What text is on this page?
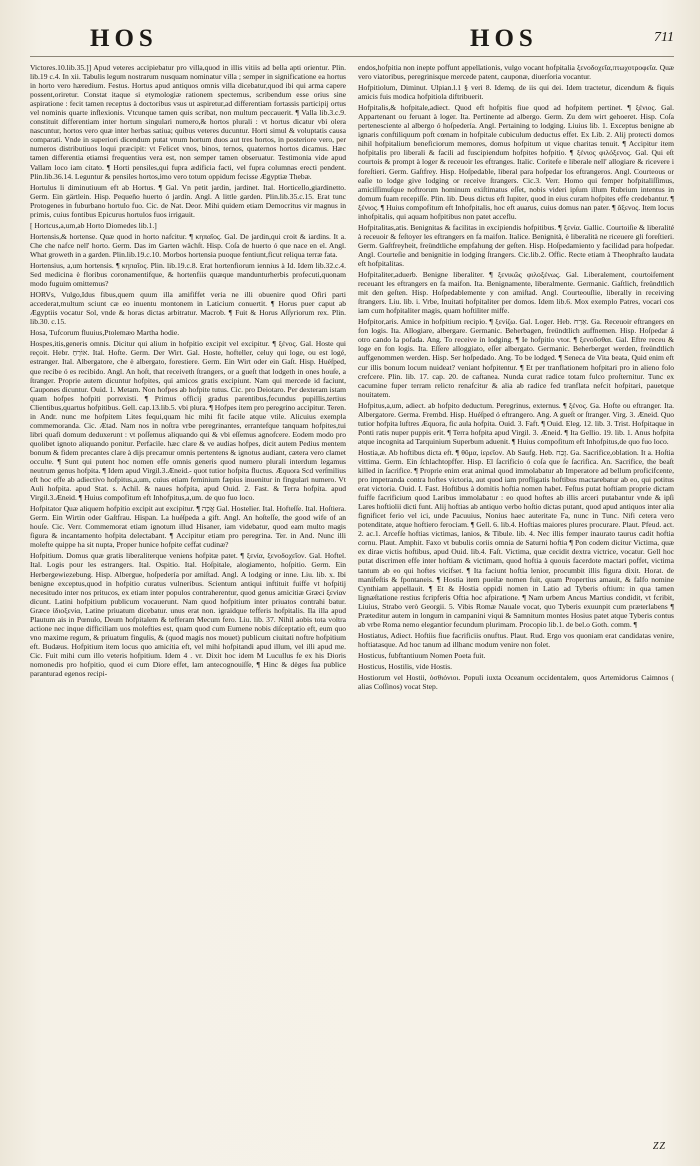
HOS	HOS	711

Victores.10.lib.35.]] Apud veteres accipiebatur pro villa,quod in illis vitiis ad bella apti orientur. Plin. lib.19 c.4. In xii. Tabulis legum nostrarum nusquam nominatur villa ; semper in significatione ea hortus in horto vero hæredium. Festus. Hortus apud antiquos omnis villa dicebatur,quod ibi qui arma capere possent,oriretur. Constat itaque si etymologiæ rationem spectemus, scribendum esse orius sine aspiratione : fecit tamen receptus à doctoribus vsus ut aspiretur,ad differentiam fortassis participij ortus vel nominis quarte inflexionis. Vtcunque tamen quis scribat, non multum peccauerit. ¶ Valla lib.3.c.9. constituit differentiam inter hortum singulari numero,& hortos plurali : vt hortus dicatur vbi olera nascuntur, hortos vero quæ inter herbas satiua; quibus veteres ducuntur. Horti simul & voluptatis causa comparati. Vnde in superiori dicendum putat vnum hortum duos aut tres hortos, in posteriore vero, per numeros distributiuos loqui præcipit: vt Felicet vnos, binos, ternos, quaternos hortos dicamus. Hæc tamen differentia etiamsi frequentius vera est, non semper tamen obseruatur. Testimonia vide apud Vallam loco iam citato. ¶ Horti pensiles,qui fupra ædificia facti, vel fupra columnas erecti pendent. Plin.lib.36.14. Leguntur & pensiles hortos,imo vero totum oppidum fecisse Ægyptiæ Thebæ.

Hortulus li diminutiuum eft ab Hortus. ¶ Gal. Vn petit jardin, jardinet. Ital. Horticello,giardinetto. Germ. Ein gärtlein. Hisp. Pequeño huerto ó jardín. Angl. A little garden. Plin.lib.35.c.15. Erat tunc Protogenes in fuburbano hortulo fuo. Cic. de Nat. Deor. Mihi quidem etiam Democritus vir magnus in primis, cuius fontibus Epicurus hortulos fuos irrigauit.

[ Hortcus,a,um,ab Horto Diomedes lib.1.]

Hortensis,& hortense. Quæ quod in horto nafcitur. ¶ κηπαῖος. Gal. De jardin,qui croit & iardins. It a. Che che nafce nell' horto. Germ. Das im Garten wächſt. Hisp. Coſa de huerto ó que nace en el. Angl. What groweth in a garden. Plin.lib.19.c.10. Morbos hortensia puoque fentiunt,ficut reliqua terræ fata.

Hortensius, a,um hortensis. ¶ κηπαῖος. Plin. lib.19.c.8. Erat hortenfiorum iennius à Id. Idem lib.32.c.4. Sed medicina è floribus coronamentifque, & hortenfiis quæque mandunturherbis profecuti,quonam modo fuguim omittemus?

HORVs, Vulgo,Idus fibus,quem quum illa amififfet veria ne illi obuenire quod Ofiri parti accederat,multum sciunt cæ eo inuentu montonem in Laticium conuertit. ¶ Horus puer caput ab Ægyptiis vocatur Sol, vnde & horas dictas arbitratur. Macrob. ¶ Fuit & Horus Aſſyriorum rex. Plin. lib.30. c.15.

Hosa, Tufcorum fluuius,Ptolemæo Martha hodie.

Hospes,itis,generis omnis. Dicitur qui alium in hofpitio excipit vel excipitur. ¶ ξένος. Gal. Hoste qui reçoit. Hebr. אוֹרֵחַ. Ital. Hofte. Germ. Der Wirt. Gal. Hoste, hofteller, celuy qui loge, ou est logé, estranger. Ital. Albergatore, che è albergato, forestiere. Germ. Ein Wirt oder ein Gaſt. Hisp. Huéſped, que recibe ó es recibido. Angl. An hoſt, that receiveth ſtrangers, or a gueſt that lodgeth in ones houſe, a ſtranger. Proprie autem dicuntur hofpites, qui amicos gratis excipiunt. Nam qui mercede id faciunt, Caupones dicuntur. Ouid. 1. Metam. Non hofpes ab hofpite tutus. Cic. pro Deiotaro. Per dexteram istam quam hofpes hofpiti porrexisti. ¶ Primus officij gradus parentibus,fecundus pupillis,tertius Clientibus,quartus hofpitibus. Gell. cap.13.lib.5. vbi plura. ¶ Hofpes item pro peregrino accipitur. Teren. in Andr. nunc me hofpitem Lites fequi,quam hic mihi fit facile atque vtile. Alicuius exempla commemoranda. Cic. Ætad. Nam nos in noſtra vrbe peregrinantes, errantefque tanquam hofpites,tui libri quafi domum deduxerunt : vt poſſemus aliquando qui & vbi eſſemus agnofcere. Eodem modo pro quolibet ignoto aliquando ponitur. Perfacile. hæc clare & ve audias hofpes, dicit autem Pedius mentem bonum & fidem precantes clare à dijs precamur omnis pertentens & ignotus audiant, cætera vero clamet occulte. ¶ Sunt qui putent hoc nomen effe omnis generis quod numero plurali interdum legamus neutrum genus hofpita. ¶ Idem apud Virgil.3.Æneid.- quot tutior hofpita fluctus. Æquora Scd verſmilius eft hoc effe ab adiectivo hofpitus,a,um, cuius etiam feminium fæpius inuenitur in fingulari numero. Vt Auli hofpita. apud Stat. s. Achil. & naues hofpita, apud Ouid. 2. Fast. & Terra hofpita. apud Virgil.3.Æneid. ¶ Huius compofitum eft Inhofpitus,a,um. de quo fuo loco.

Hofpitator Quæ aliquem hofpitio excipit aut excipitur. ¶ אֲכָּה Gal. Hostelier. Ital. Hofteſſe. Ital. Hoſtiera. Germ. Ein Wirtin oder Gaſtfrau. Hispan. La huéſpeda a gift. Angl. An hoſteſſe, the good wife of an houſe. Cic. Verr. Commemorat etiam ignotum illud Hisaner, iam videbatur, quod eam multo magis figura & incantamento hofpita delectabant. ¶ Accipitur etiam pro peregrina. Ter. in And. Nunc illi molefte quippe ha sit nupta, Proper hunice hofpite ceffat cudinæ?

Hofpitium. Domus quæ gratis liberaliterque veniens hofpitæ patet. ¶ ξενία, ξενοδοχεῖον. Gal. Hoftel. Ital. Logis pour les estrangers. Ital. Ospitio. Ital. Hoſpitale, alogiamento, hoſpitio. Germ. Ein Herbergewiezebung. Hisp. Albergue, hoſpedería por amiſtad. Angl. A lodging or inne. Liu. lib. x. Ibi benigne exceptus,quod in hofpitio curatus vulneribus. Scientum antiqui inftituit fuiffe vt hofpitij necesitudo inter nos pritucos, ex etiam inter populos contraherentur, quod genus amicitiæ Græci ξενίαν dicunt. Latini hofpitium publicum vocauerunt. Nam quod hofpitium inter priuatos contrahi batur. Græce ἰδιοξενία, Latine priuatum dicebatur. unus erat non. igraidque tefferis hofpitalis. Ila illa apud Plautum ais in Pœnulo, Deum hofpitalem & tefferam Mecum fero. Liu. lib. 37. Nihil aobis tota voltra actione nec inque difficiliam uos molefties est, quam quod cum Eumene nobis diſceptatio eft, eum quo vno maxime regum, & priuatum fingulis, & (quod magis nos mouet) publicum ciuitati noftre hofpitium eft. Budæus. Hofpitium item locus quo amicitia eft, vel mihi hofpitandi apud illum, vel illi apud me. Cic. Fuit mihi cum illo veteris hofpitium. Idem 4 . vr. Dixit hoc idem M Lucullus fe ex his Dioris nomonedis pro hofpitio, quod ei cum Diore effet, lam antecognouiſſe, ¶ Hinc & dèges ſua publice paranturad egenos recipi-

endos,hofpitia non inepte poffunt appellationis, vulgo vocant hofpitalia ξενοδοχεῖα,πτωχοτροφεῖα. Quæ vero viatoribus, peregrinisque mercede patent, cauponæ, diuerſoria vocantur.

Hofpitiolum, Diminut. Ulpian.l.1 § veri 8. Idemq. de iis qui dei. Idem tractetur, dicendum & fiquis amicis fuis modica hofpitiola diftribuerit.

Hofpitalis,& hofpitale,adiect. Quod eft hofpitis fiue quod ad hofpitem pertinet. ¶ ξένιος. Gal. Appartenant ou feruant à loger. Ita. Pertinente ad albergo. Germ. Zu dem wirt gehoeret. Hisp. Coſa pertenesciente al albergo ó hoſpedería. Angl. Pertaining to lodging. Liuius lib. 1. Exceptus benigne ab ignaris conftiliquum poft cœnam in hofpitale cubiculum deductus effet. Ex Lib. 2. Alij protecti domos nihil hofpitalium beneficiorum memores, domus hofpitum ut vique charitas tenuit. ¶ Accipitur item hofpitalis pro liberali & facili ad fuscipiendum hofpites hofpitio. ¶ ξένιος φιλόξενος. Gal. Qui eſt courtois & prompt à loger & receuoir les eftranges. Italic. Coritefe e liberale nell' allogiare & ricevere i foreſtieri. Germ. Gaſtfrey. Hisp. Hoſpedable, liberal para hoſpedar los eftrangeros. Angl. Courteous or eaſie to lodge give lodging or receive ſtrangers. Cic.3. Verr. Homo qui femper hofpitaliſſimus, amiciſſimuſque noftrorum hominum exiſtimatus eſſet, nobis videri ipſum illum Rubrium intentus in domum fuam recepiſſe. Plin. lib. Deus dictus eft Iupiter, quod in eius curam hofpites effe credebantur. ¶ ξένιος. ¶ Huius compofitum eft Inhofpitalis, hoc eft auarus, cuius domus nan pater. ¶ ἄξενος. Item locus inhofpitalis, qui aquam hofpitibus non patet acceflu.

Hofpitalitas,atis. Benignitas & facilitas in excipiendis hofpitibus. ¶ ξενία. Gallic. Courtoiſie & liberalité à receuoir & feſtoyer les eftrangers en fa maifon. Italice. Benignità, è liberalità ne riceuere gli foreſtieri. Germ. Gaſtfreyheit, freündtliche empfahung der geſten. Hisp. Hoſpedamiento y facilidad para hoſpedar. Angl. Courteſie and benignitie in lodging ſtrangers. Cic.lib.2. Offic. Recte etiam à Theophraſto laudata eft hofpitalitas.

Hofpitaliter,aduerb. Benigne liberaliter. ¶ ξενικῶς φιλοξένως. Gal. Liberalement, courtoifement receuant les eftrangers en fa maifon. Ita. Benignamente, liberalmente. Germanic. Gaſtlich, freündtlich mit den geſten. Hisp. Hoſpedablemente y con amiſtad. Angl. Courteouſlie, liberally in receiving ſtrangers. Liu. lib. i. Vrbe, Inuitati hofpitaliter per domos. Idem lib.6. Mox exemplo Patres, vocari cos iam cum hofpitaliter magis, quam hoftiliter miffe.

Hofpitor,aris. Amice in hofpitium recipio. ¶ ξενίζω. Gal. Loger. Heb. אֵרַח. Ga. Receuoir eftrangers en fon logis. Ita. Allogiare, albergare. Germanic. Beherbagen, freündtlich auffnemen. Hisp. Hoſpedar á otro cando la pofada. Ang. To receive in lodging. ¶ Ie hofpitio vtor. ¶ ξενοῦσθαι. Gal. Eftre receu & loge en fon logis. Ita. Eſſere alloggiato, eſſer albergato. Germanic. Beherberget werden, freündtlich auffgenommen werden. Hisp. Ser hoſpedado. Ang. To be lodged. ¶ Seneca de Vita beata, Quid enim eft cur illis bonum locum nuideat? veniant hofpitentur. ¶ Et per tranflationem hofpitari pro in alieno folo crefcere. Plin. lib. 17. cap. 20. de caftanea. Nunda curat radice totam fulco proſternitur. Tunc ex cacumine fuper terram relicto renafcitur & alia ab radice fed tranflata nefcit hofpitari, pauetque nouitatem.

Hofpitus,a,um, adiect. ab hofpito deductum. Peregrinus, externus. ¶ ξένος. Ga. Hofte ou eftranger. Ita. Albergatore. Germa. Frembd. Hisp. Huéſped ó eftrangero. Ang. A gueſt or ſtranger. Virg. 3. Æneid. Quo tutior hofpita luftres Æquora, fic aula hofpita. Ouid. 3. Faft. ¶ Ouid. Eleg. 12. lib. 3. Trist. Hofpitaque in Ponti ratis nuper puppis erit. ¶ Terra hofpita apud Virgil. 3. Æneid. ¶ Ita Gellio. 19. lib. 1. Anus hofpita atque incognita ad Tarquinium Superbum aduenit. ¶ Huius compofitum eft Inhofpitus,de quo fuo loco.

Hostia,æ. Ab hoftibus dicta eft. ¶ θῦμα, ἱερεῖον. Ab Saufg. Heb. זֶבַח. Ga. Sacrifice,oblation. It a. Hoſtia vittima. Germ. Ein ſchlachtopffer. Hisp. El ſacrificio ó coſa que ſe ſacrifica. An. Sacrifice, the beaſt killed in ſacrifice. ¶ Proprie enim erat animal quod immolabatur ab Imperatore ad bellum proficifcente, pro impetranda contra hoftes victoria, aut quod iam profligatis hoftibus mactarebatur ab eo, qui potitus erat victoria. Ouid. I. Fast. Hoftibus à domitis hoftia nomen habet. Feſtus putat hoftiam proprie dictam fuiffe facrificium quod Laribus immolabatur : eo quod hoftes ab illis arceri putabantur vnde & ipſi Lares hoftiolii dicti funt. Alij hoftias ab antiquo verbo hoſtio dictas putant, quod apud antiquos inter alia fignificet ferio vel ici, unde Pacuuius, Nonius haec auteritate Fa, nunc in Tunc. Nifi cetera vero potenditate, atque hoftiero ferociam. ¶ Gell. 6. lib.4. Hoftias maiores plures procurare. Plaut. Pfeud. act. 2. ac.1. Arcefſe hoftias victimas, lanios, & Tibule. lib. 4. Nec illis femper inaurato taurus cadit hoftia cornu. Plaut. Amphit. Faxo vt bubulis coriis omnia de Saturni hoftia ¶ Pon codem dicitur Victima, quæ ex dirae victis hoftibus, apud Ouid. lib.4. Faſt. Victima, quæ cecidit dextra victrice, vocatur. Gell hoc putat discrimen effe inter hoftiam & victimam, quod hoftia à quouis facerdote mactari poffet, victima tantum ab eo qui hoftes vicifset. ¶ Ita faciunt hoftia lenior, procumbit illis figura dixit. Horat. de manifeſtis & fpontaneis. ¶ Hostia item pueilæ nomen fuit, quam Propertius amauit, & falfo nomine Cynthiam appellauit. ¶ Et & Hostia oppidi nomen in Latio ad Tyberis oftium: in qua tamen lignæſtatione restius fcripferis Oftia hoc afpiratione. ¶ Nam urbem Ancus Martius condidit, vt fcribit, Liuius, Strabo verò Georgii. 5. Vibis Romæ Nauale vocat, quo Tyberis exuunpit cum præterlabens ¶ Præteditur autem in longum in campanini viqui & Samnitum montes Hosius patet atque Tyberis contus ab vrbe Roma nemo elegantior fecundum plurimam. Procopio lib.1. de bel.o Goth. comm. ¶

Hostiatus, Adiect. Hoftiis fiue facrificiis onuftus. Plaut. Rud. Ergo vos quoniam erat candidatas venire, hoftiatasque. Ad hoc tanum ad illhanc modum venire non folet.

Hosticus, fubftantiuum Nomen Poeta fuit.

Hosticus, Hostilis, vide Hostis.

Hostiorum vel Hostii, ὀσθιόνιοι. Populi iuxta Oceanum occidentalem, quos Artemidorus Caimnos ( alias Coſſinos) vocat Step.

ZZ
